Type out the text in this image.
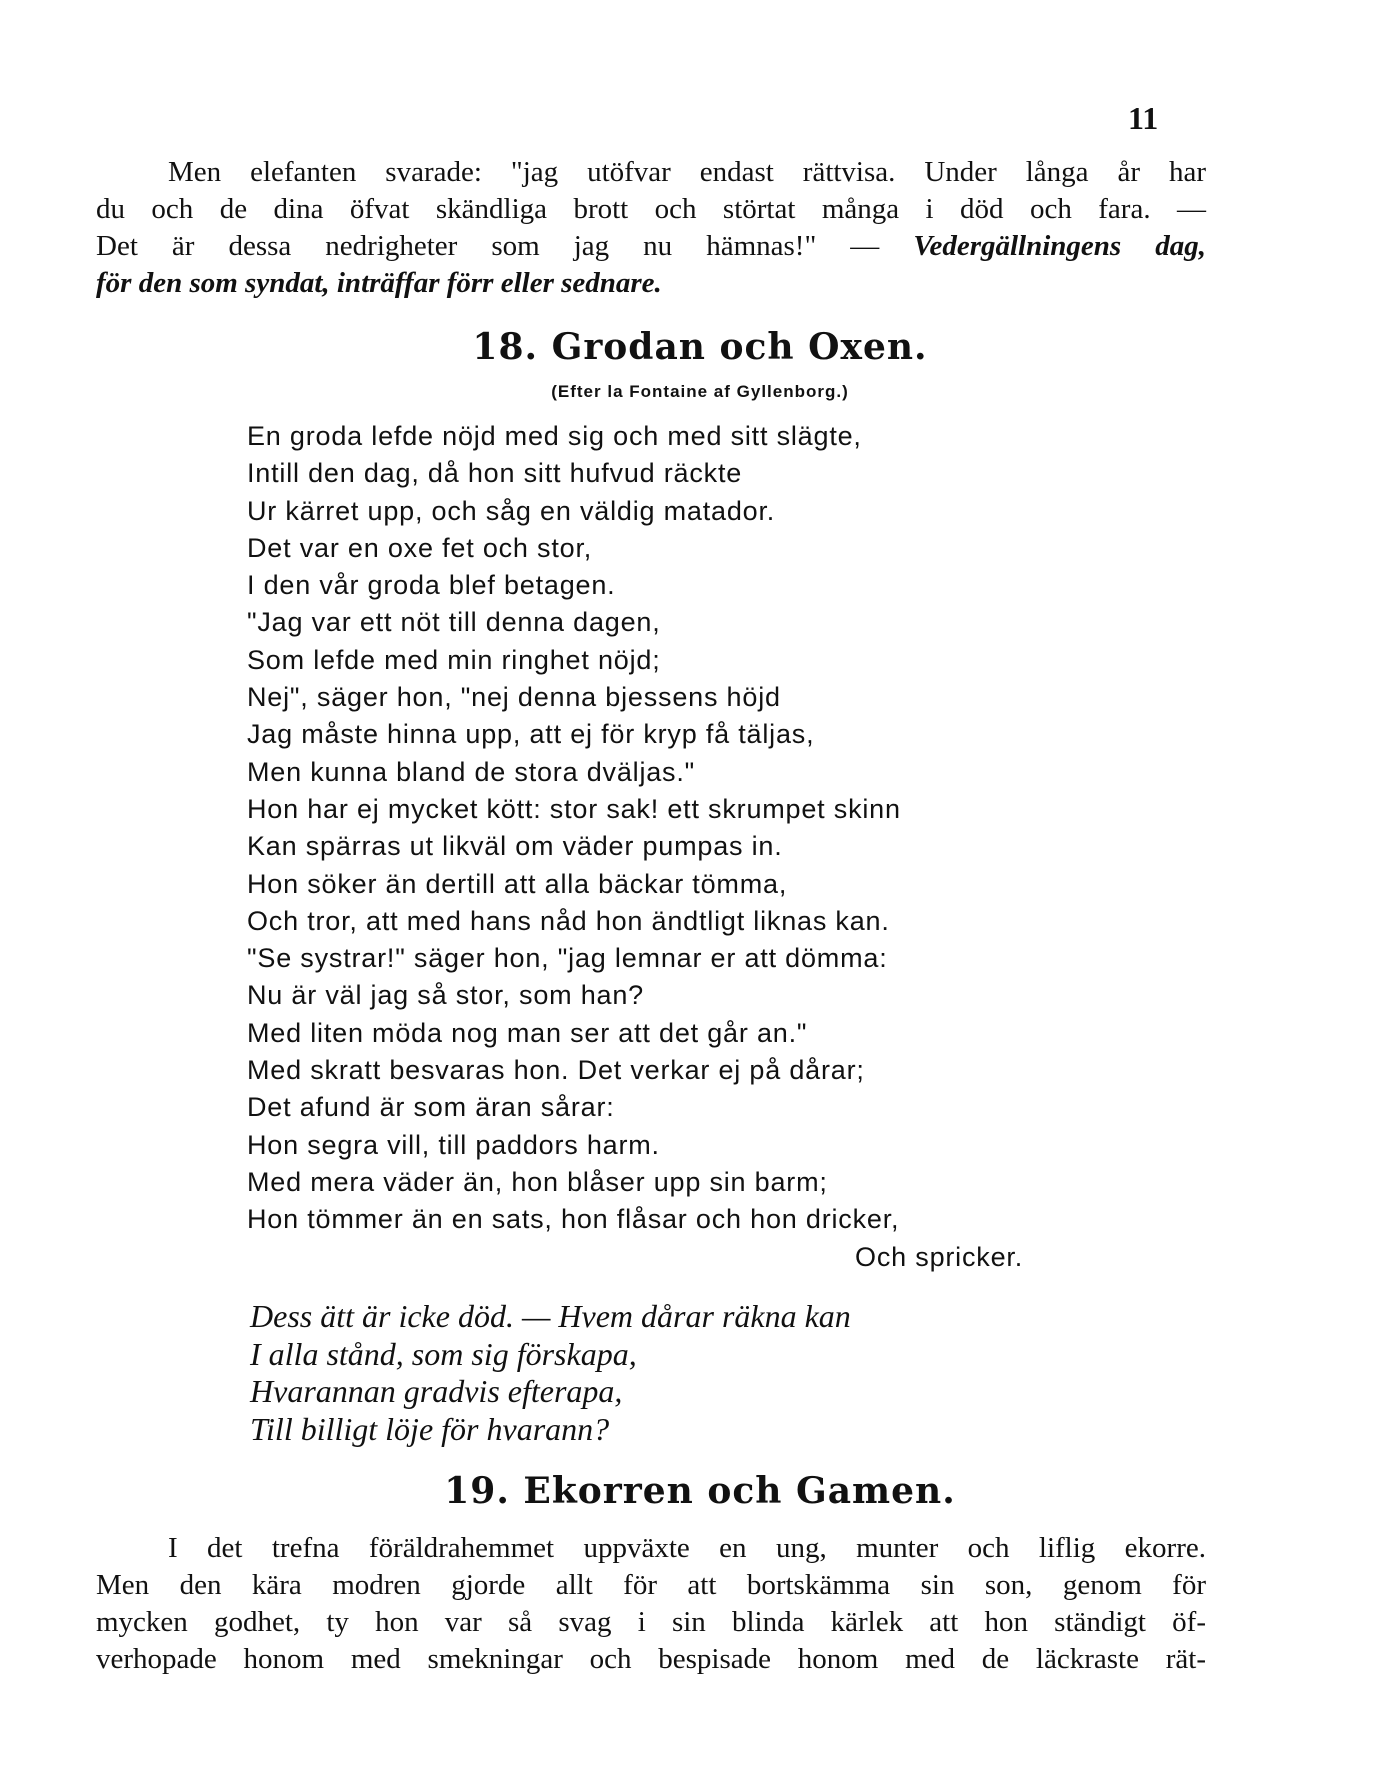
11
Men elefanten svarade: "jag utöfvar endast rättvisa. Under långa år har
du och de dina öfvat skändliga brott och störtat många i död och fara. —
Det är dessa nedrigheter som jag nu hämnas!" — Vedergällningens dag,
för den som syndat, inträffar förr eller sednare.
18. Grodan och Oxen.
(Efter la Fontaine af Gyllenborg.)
En groda lefde nöjd med sig och med sitt slägte,
Intill den dag, då hon sitt hufvud räckte
Ur kärret upp, och såg en väldig matador.
Det var en oxe fet och stor,
I den vår groda blef betagen.
"Jag var ett nöt till denna dagen,
Som lefde med min ringhet nöjd;
Nej", säger hon, "nej denna bjessens höjd
Jag måste hinna upp, att ej för kryp få täljas,
Men kunna bland de stora dväljas."
Hon har ej mycket kött: stor sak! ett skrumpet skinn
Kan spärras ut likväl om väder pumpas in.
Hon söker än dertill att alla bäckar tömma,
Och tror, att med hans nåd hon ändtligt liknas kan.
"Se systrar!" säger hon, "jag lemnar er att dömma:
Nu är väl jag så stor, som han?
Med liten möda nog man ser att det går an."
Med skratt besvaras hon. Det verkar ej på dårar;
Det afund är som äran sårar:
Hon segra vill, till paddors harm.
Med mera väder än, hon blåser upp sin barm;
Hon tömmer än en sats, hon flåsar och hon dricker,
Och spricker.
Dess ätt är icke död. — Hvem dårar räkna kan
I alla stånd, som sig förskapa,
Hvarannan gradvis efterapa,
Till billigt löje för hvarann?
19. Ekorren och Gamen.
I det trefna föräldrahemmet uppväxte en ung, munter och liflig ekorre.
Men den kära modren gjorde allt för att bortskämma sin son, genom för
mycken godhet, ty hon var så svag i sin blinda kärlek att hon ständigt öf-
verhopade honom med smekningar och bespisade honom med de läckraste rät-
